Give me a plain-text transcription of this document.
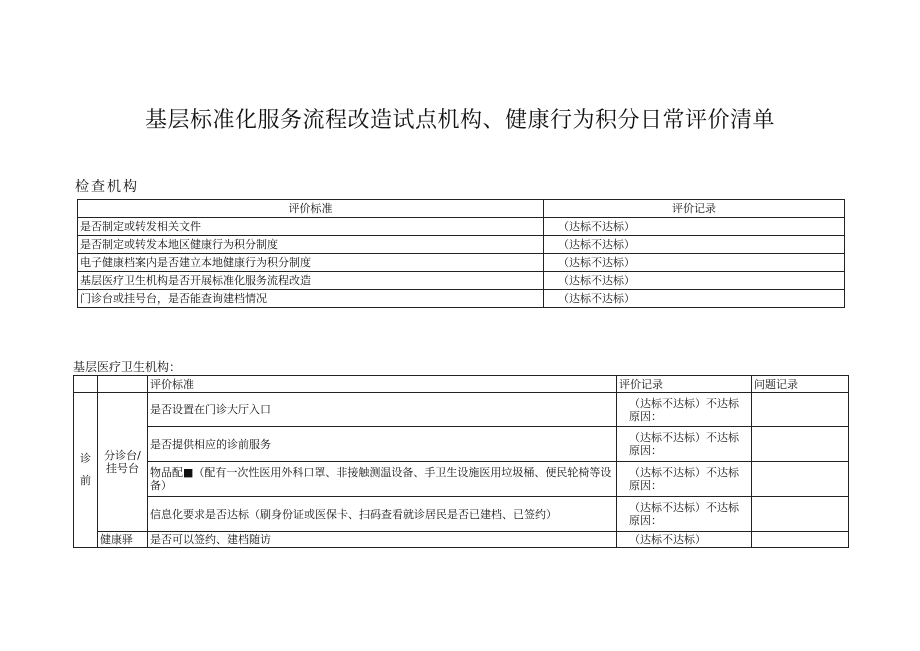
基层标准化服务流程改造试点机构、健康行为积分日常评价清单
检查机构
评价标准	评价记录
是否制定或转发相关文件	（达标不达标）
是否制定或转发本地区健康行为积分制度	（达标不达标）
电子健康档案内是否建立本地健康行为积分制度	（达标不达标）
基层医疗卫生机构是否开展标准化服务流程改造	（达标不达标）
门诊台或挂号台，是否能查询建档情况	（达标不达标）
基层医疗卫生机构：
		评价标准	评价记录	问题记录
诊前	分诊台/挂号台	是否设置在门诊大厅入口	（达标不达标）不达标原因：	
		是否提供相应的诊前服务	（达标不达标）不达标原因：	
		物品配■（配有一次性医用外科口罩、非接触测温设备、手卫生设施医用垃圾桶、便民轮椅等设备）	（达标不达标）不达标原因：	
		信息化要求是否达标（刷身份证或医保卡、扫码查看就诊居民是否已建档、已签约）	（达标不达标）不达标原因：	
	健康驿	是否可以签约、建档随访	（达标不达标）	
